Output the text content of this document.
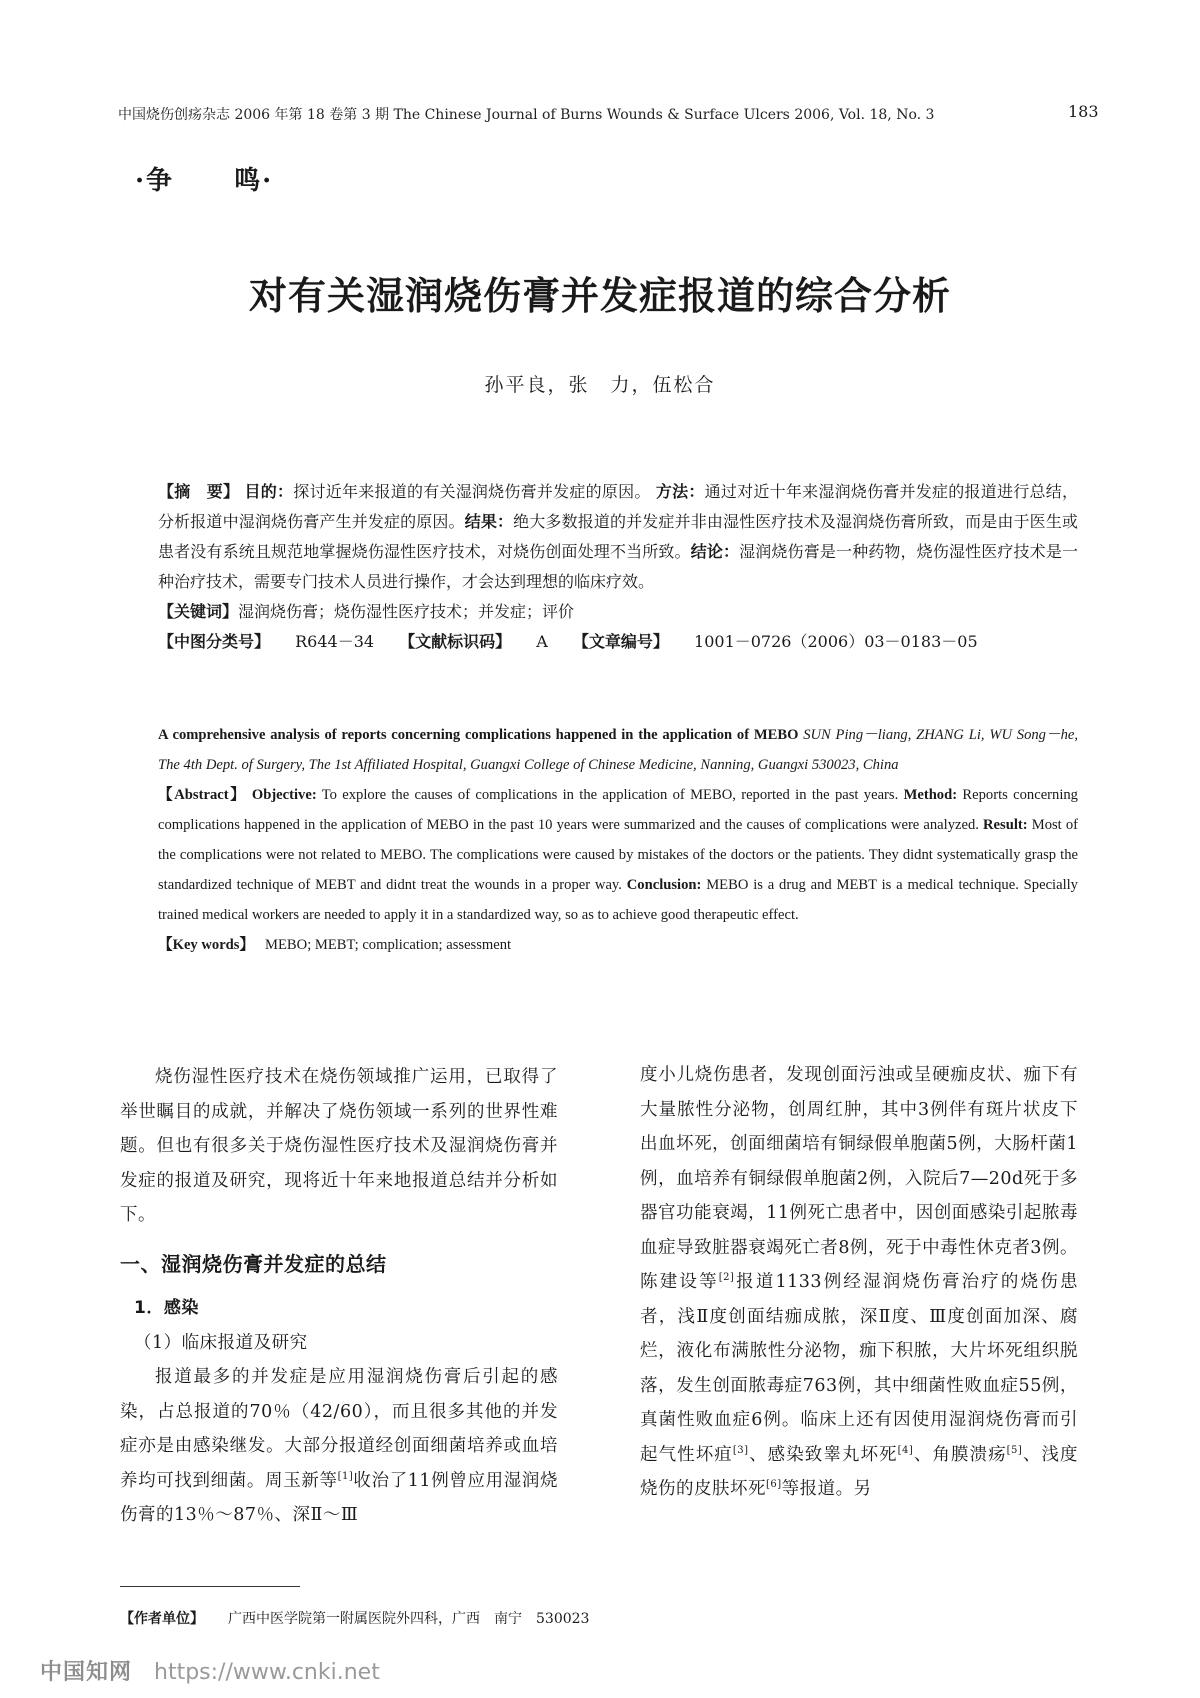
中国烧伤创疡杂志 2006 年第 18 卷第 3 期 The Chinese Journal of Burns Wounds & Surface Ulcers 2006, Vol. 18, No. 3	183
·争 鸣·
对有关湿润烧伤膏并发症报道的综合分析
孙平良，张　力，伍松合

【摘　要】 目的：探讨近年来报道的有关湿润烧伤膏并发症的原因。 方法：通过对近十年来湿润烧伤膏并发症的报道进行总结，分析报道中湿润烧伤膏产生并发症的原因。结果：绝大多数报道的并发症并非由湿性医疗技术及湿润烧伤膏所致，而是由于医生或患者没有系统且规范地掌握烧伤湿性医疗技术，对烧伤创面处理不当所致。结论：湿润烧伤膏是一种药物，烧伤湿性医疗技术是一种治疗技术，需要专门技术人员进行操作，才会达到理想的临床疗效。

【关键词】湿润烧伤膏；烧伤湿性医疗技术；并发症；评价

【中图分类号】 R644－34 【文献标识码】 A 【文章编号】 1001－0726（2006）03－0183－05

A comprehensive analysis of reports concerning complications happened in the application of MEBO SUN Ping－liang, ZHANG Li, WU Song－he, The 4th Dept. of Surgery, The 1st Affiliated Hospital, Guangxi College of Chinese Medicine, Nanning, Guangxi 530023, China

【Abstract】 Objective: To explore the causes of complications in the application of MEBO, reported in the past years. Method: Reports concerning complications happened in the application of MEBO in the past 10 years were summarized and the causes of complications were analyzed. Result: Most of the complications were not related to MEBO. The complications were caused by mistakes of the doctors or the patients. They didnt systematically grasp the standardized technique of MEBT and didnt treat the wounds in a proper way. Conclusion: MEBO is a drug and MEBT is a medical technique. Specially trained medical workers are needed to apply it in a standardized way, so as to achieve good therapeutic effect.

【Key words】 MEBO; MEBT; complication; assessment

烧伤湿性医疗技术在烧伤领域推广运用，已取得了举世瞩目的成就，并解决了烧伤领域一系列的世界性难题。但也有很多关于烧伤湿性医疗技术及湿润烧伤膏并发症的报道及研究，现将近十年来地报道总结并分析如下。

一、湿润烧伤膏并发症的总结

1．感染

（1）临床报道及研究

报道最多的并发症是应用湿润烧伤膏后引起的感染，占总报道的70％（42/60），而且很多其他的并发症亦是由感染继发。大部分报道经创面细菌培养或血培养均可找到细菌。周玉新等[1]收治了11例曾应用湿润烧伤膏的13％～87％、深Ⅱ～Ⅲ

度小儿烧伤患者，发现创面污浊或呈硬痂皮状、痂下有大量脓性分泌物，创周红肿，其中3例伴有斑片状皮下出血坏死，创面细菌培有铜绿假单胞菌5例，大肠杆菌1例，血培养有铜绿假单胞菌2例，入院后7—20d死于多器官功能衰竭，11例死亡患者中，因创面感染引起脓毒血症导致脏器衰竭死亡者8例，死于中毒性休克者3例。陈建设等[2]报道1133例经湿润烧伤膏治疗的烧伤患者，浅Ⅱ度创面结痂成脓，深Ⅱ度、Ⅲ度创面加深、腐烂，液化布满脓性分泌物，痂下积脓，大片坏死组织脱落，发生创面脓毒症763例，其中细菌性败血症55例，真菌性败血症6例。临床上还有因使用湿润烧伤膏而引起气性坏疽[3]、感染致睾丸坏死[4]、角膜溃疡[5]、浅度烧伤的皮肤坏死[6]等报道。另

【作者单位】 广西中医学院第一附属医院外四科，广西　南宁　530023
中国知网 https://www.cnki.net
